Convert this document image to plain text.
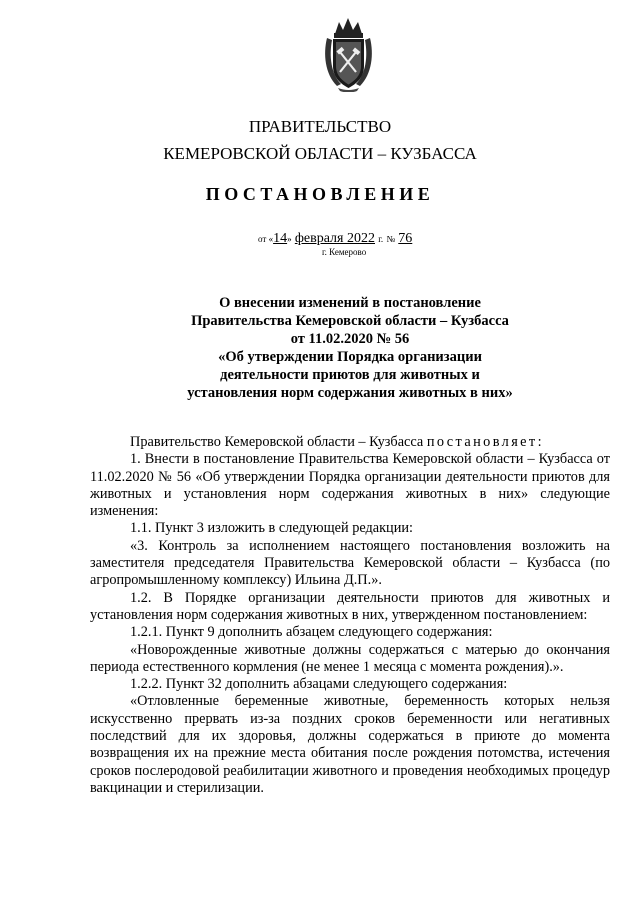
ПРАВИТЕЛЬСТВО
КЕМЕРОВСКОЙ ОБЛАСТИ – КУЗБАССА
ПОСТАНОВЛЕНИЕ
от «14» февраля 2022 г. № 76
г. Кемерово
О внесении изменений в постановление
Правительства Кемеровской области – Кузбасса
от 11.02.2020 № 56
«Об утверждении Порядка организации
деятельности приютов для животных и
установления норм содержания животных в них»

Правительство Кемеровской области – Кузбасса постановляет:

1. Внести в постановление Правительства Кемеровской области – Кузбасса от 11.02.2020 № 56 «Об утверждении Порядка организации деятельности приютов для животных и установления норм содержания животных в них» следующие изменения:

1.1. Пункт 3 изложить в следующей редакции:

«3. Контроль за исполнением настоящего постановления возложить на заместителя председателя Правительства Кемеровской области – Кузбасса (по агропромышленному комплексу) Ильина Д.П.».

1.2. В Порядке организации деятельности приютов для животных и установления норм содержания животных в них, утвержденном постановлением:

1.2.1. Пункт 9 дополнить абзацем следующего содержания:

«Новорожденные животные должны содержаться с матерью до окончания периода естественного кормления (не менее 1 месяца с момента рождения).».

1.2.2. Пункт 32 дополнить абзацами следующего содержания:

«Отловленные беременные животные, беременность которых нельзя искусственно прервать из-за поздних сроков беременности или негативных последствий для их здоровья, должны содержаться в приюте до момента возвращения их на прежние места обитания после рождения потомства, истечения сроков послеродовой реабилитации животного и проведения необходимых процедур вакцинации и стерилизации.
